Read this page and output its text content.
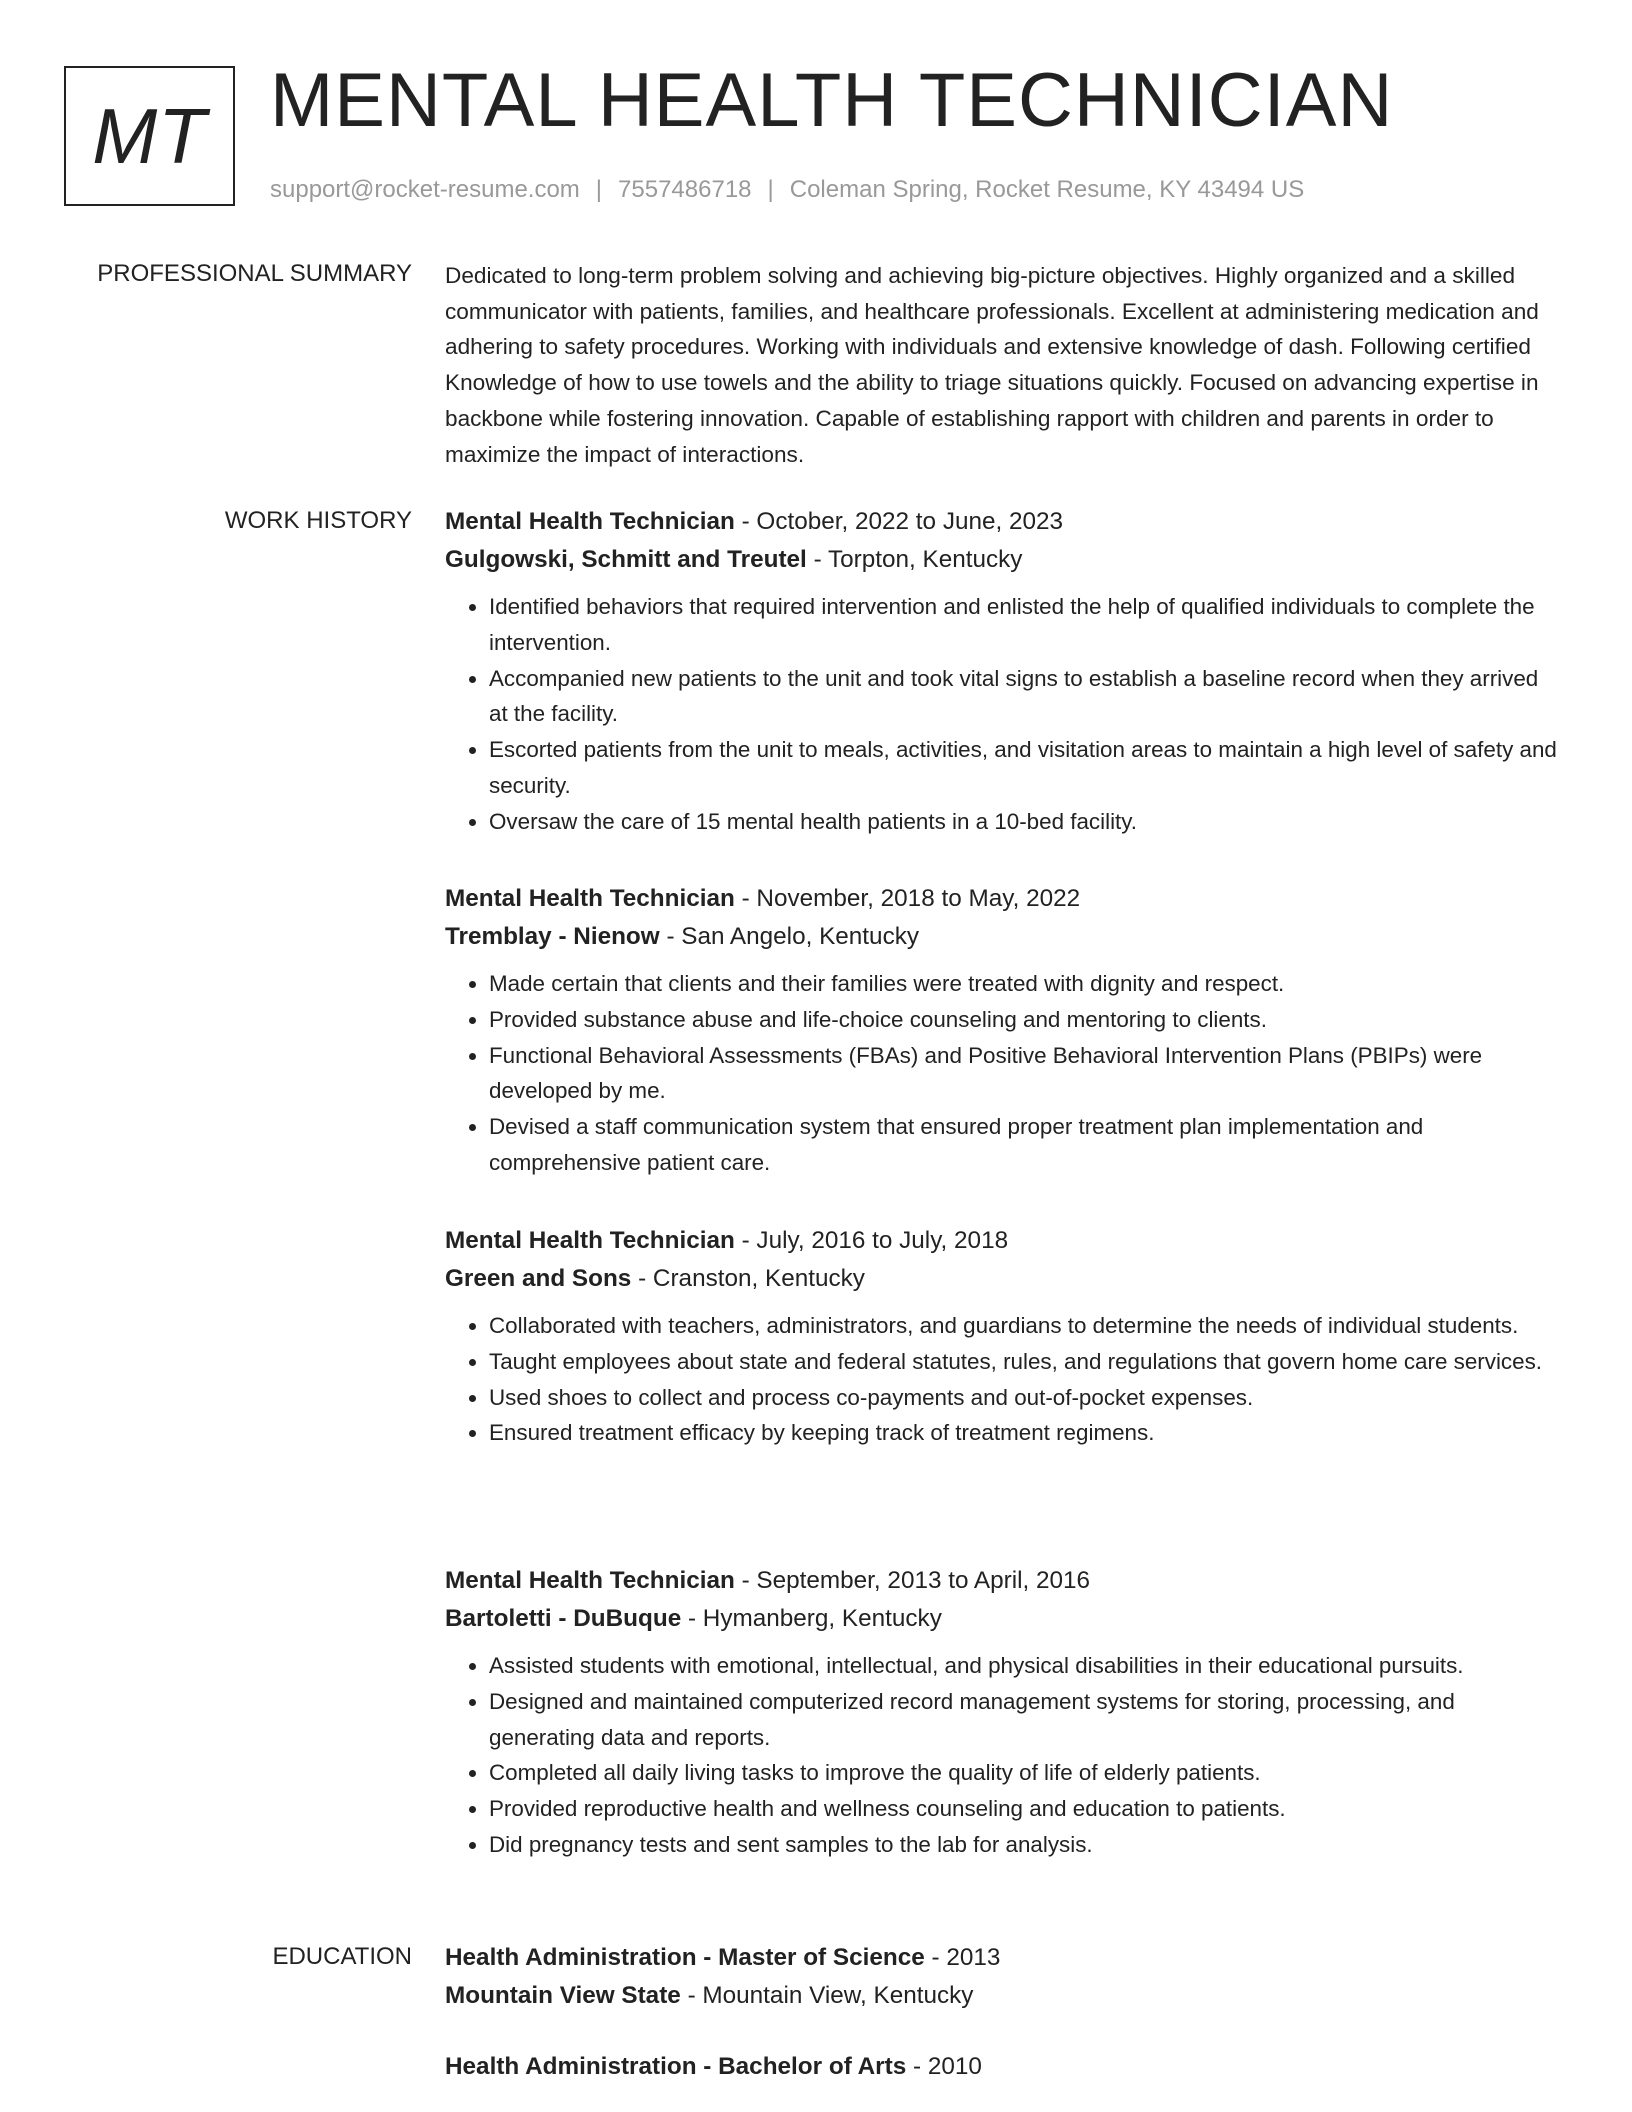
MT MENTAL HEALTH TECHNICIAN
support@rocket-resume.com | 7557486718 | Coleman Spring, Rocket Resume, KY 43494 US
PROFESSIONAL SUMMARY Dedicated to long-term problem solving and achieving big-picture objectives. Highly organized and a skilled communicator with patients, families, and healthcare professionals. Excellent at administering medication and adhering to safety procedures. Working with individuals and extensive knowledge of dash. Following certified Knowledge of how to use towels and the ability to triage situations quickly. Focused on advancing expertise in backbone while fostering innovation. Capable of establishing rapport with children and parents in order to maximize the impact of interactions.

WORK HISTORY Mental Health Technician - October, 2022 to June, 2023
Gulgowski, Schmitt and Treutel - Torpton, Kentucky
• Identified behaviors that required intervention and enlisted the help of qualified individuals to complete the intervention.
• Accompanied new patients to the unit and took vital signs to establish a baseline record when they arrived at the facility.
• Escorted patients from the unit to meals, activities, and visitation areas to maintain a high level of safety and security.
• Oversaw the care of 15 mental health patients in a 10-bed facility.
Mental Health Technician - November, 2018 to May, 2022
Tremblay - Nienow - San Angelo, Kentucky
• Made certain that clients and their families were treated with dignity and respect.
• Provided substance abuse and life-choice counseling and mentoring to clients.
• Functional Behavioral Assessments (FBAs) and Positive Behavioral Intervention Plans (PBIPs) were developed by me.
• Devised a staff communication system that ensured proper treatment plan implementation and comprehensive patient care.
Mental Health Technician - July, 2016 to July, 2018
Green and Sons - Cranston, Kentucky
• Collaborated with teachers, administrators, and guardians to determine the needs of individual students.
• Taught employees about state and federal statutes, rules, and regulations that govern home care services.
• Used shoes to collect and process co-payments and out-of-pocket expenses.
• Ensured treatment efficacy by keeping track of treatment regimens.
Mental Health Technician - September, 2013 to April, 2016
Bartoletti - DuBuque - Hymanberg, Kentucky
• Assisted students with emotional, intellectual, and physical disabilities in their educational pursuits.
• Designed and maintained computerized record management systems for storing, processing, and generating data and reports.
• Completed all daily living tasks to improve the quality of life of elderly patients.
• Provided reproductive health and wellness counseling and education to patients.
• Did pregnancy tests and sent samples to the lab for analysis.
EDUCATION Health Administration - Master of Science - 2013
Mountain View State - Mountain View, Kentucky
Health Administration - Bachelor of Arts - 2010
